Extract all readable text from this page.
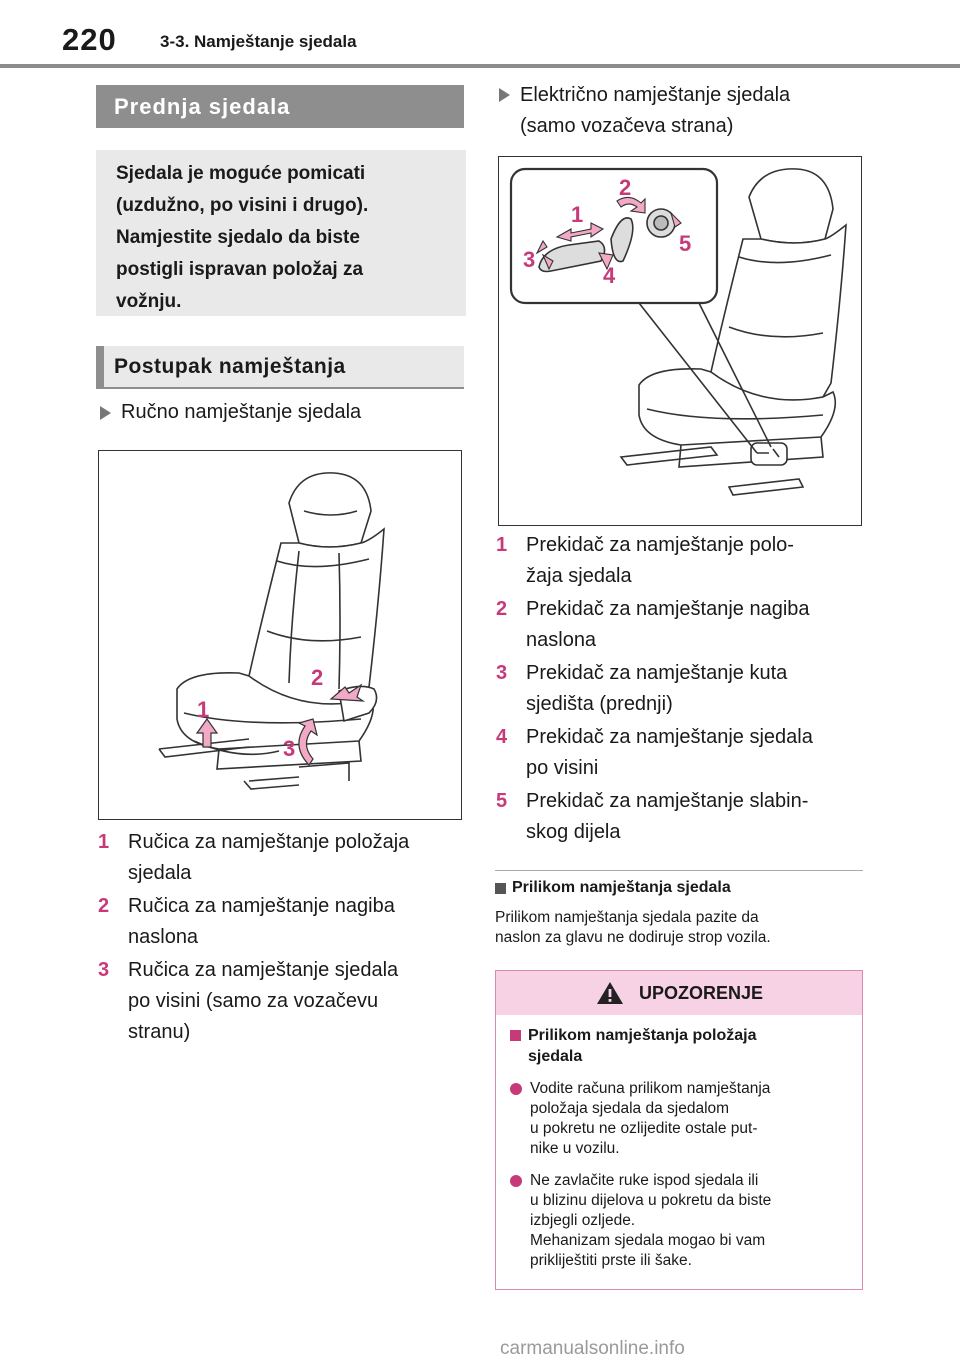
220	3-3. Namještanje sjedala
Prednja sjedala
Sjedala je moguće pomicati
(uzdužno, po visini i drugo).
Namjestite sjedalo da biste
postigli ispravan položaj za
vožnju.
Postupak namještanja
Ručno namještanje sjedala
1
2
3
1 Ručica za namještanje položaja
sjedala
2 Ručica za namještanje nagiba
naslona
3 Ručica za namještanje sjedala
po visini (samo za vozačevu
stranu)
Električno namještanje sjedala
(samo vozačeva strana)
1
2
3
4
5
1 Prekidač za namještanje polo-
žaja sjedala
2 Prekidač za namještanje nagiba
naslona
3 Prekidač za namještanje kuta
sjedišta (prednji)
4 Prekidač za namještanje sjedala
po visini
5 Prekidač za namještanje slabin-
skog dijela
Prilikom namještanja sjedala
Prilikom namještanja sjedala pazite da
naslon za glavu ne dodiruje strop vozila.
UPOZORENJE
Prilikom namještanja položaja
sjedala
Vodite računa prilikom namještanja
položaja sjedala da sjedalom
u pokretu ne ozlijedite ostale put-
nike u vozilu.
Ne zavlačite ruke ispod sjedala ili
u blizinu dijelova u pokretu da biste
izbjegli ozljede.
Mehanizam sjedala mogao bi vam
prikliještiti prste ili šake.
carmanualsonline.info
